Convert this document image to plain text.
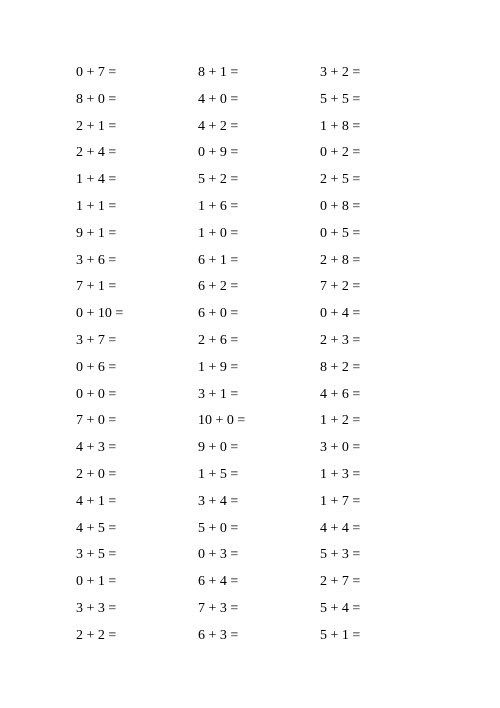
0 + 7 =
8 + 0 =
2 + 1 =
2 + 4 =
1 + 4 =
1 + 1 =
9 + 1 =
3 + 6 =
7 + 1 =
0 + 10 =
3 + 7 =
0 + 6 =
0 + 0 =
7 + 0 =
4 + 3 =
2 + 0 =
4 + 1 =
4 + 5 =
3 + 5 =
0 + 1 =
3 + 3 =
2 + 2 =
8 + 1 =
4 + 0 =
4 + 2 =
0 + 9 =
5 + 2 =
1 + 6 =
1 + 0 =
6 + 1 =
6 + 2 =
6 + 0 =
2 + 6 =
1 + 9 =
3 + 1 =
10 + 0 =
9 + 0 =
1 + 5 =
3 + 4 =
5 + 0 =
0 + 3 =
6 + 4 =
7 + 3 =
6 + 3 =
3 + 2 =
5 + 5 =
1 + 8 =
0 + 2 =
2 + 5 =
0 + 8 =
0 + 5 =
2 + 8 =
7 + 2 =
0 + 4 =
2 + 3 =
8 + 2 =
4 + 6 =
1 + 2 =
3 + 0 =
1 + 3 =
1 + 7 =
4 + 4 =
5 + 3 =
2 + 7 =
5 + 4 =
5 + 1 =
